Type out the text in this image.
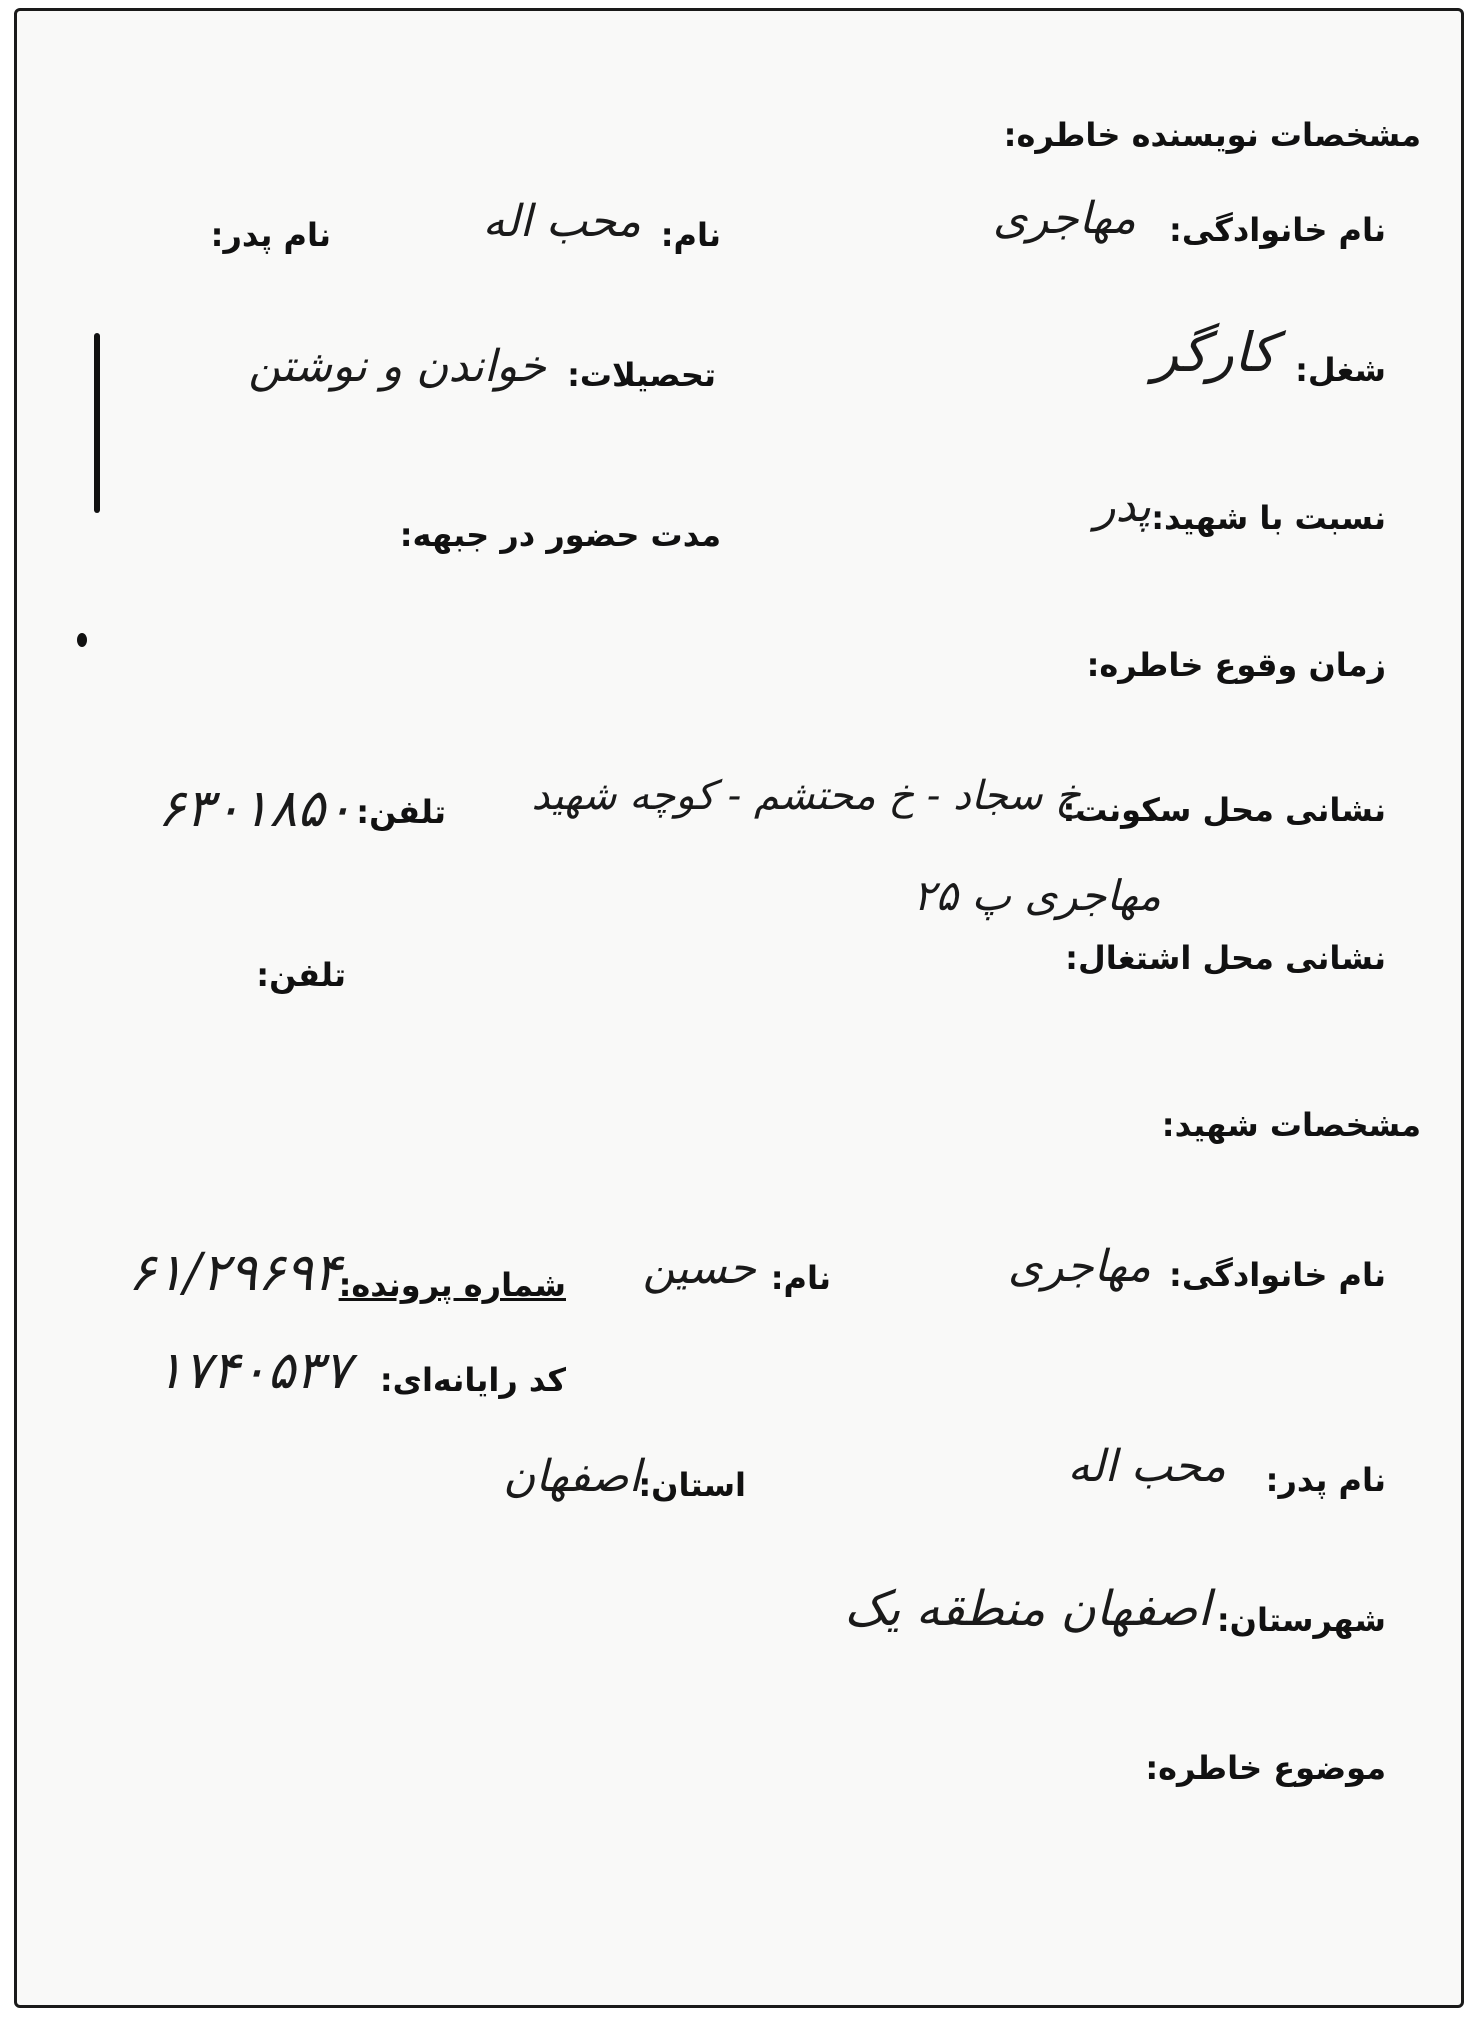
مشخصات نویسنده خاطره:
نام خانوادگی:
مهاجری
نام:
محب اله
نام پدر:
شغل:
کارگر
تحصیلات:
خواندن و نوشتن
نسبت با شهید:
پدر
مدت حضور در جبهه:
زمان وقوع خاطره:
نشانی محل سکونت:
خ سجاد - خ محتشم - کوچه شهید
تلفن:
۶۳۰۱۸۵۰
مهاجری پ ۲۵
نشانی محل اشتغال:
تلفن:
مشخصات شهید:
نام خانوادگی:
مهاجری
نام:
حسین
شماره پرونده:
۶۱/۲۹۶۹۴
کد رایانه‌ای:
۱۷۴۰۵۳۷
نام پدر:
محب اله
استان:
اصفهان
شهرستان:
اصفهان منطقه یک
موضوع خاطره:
